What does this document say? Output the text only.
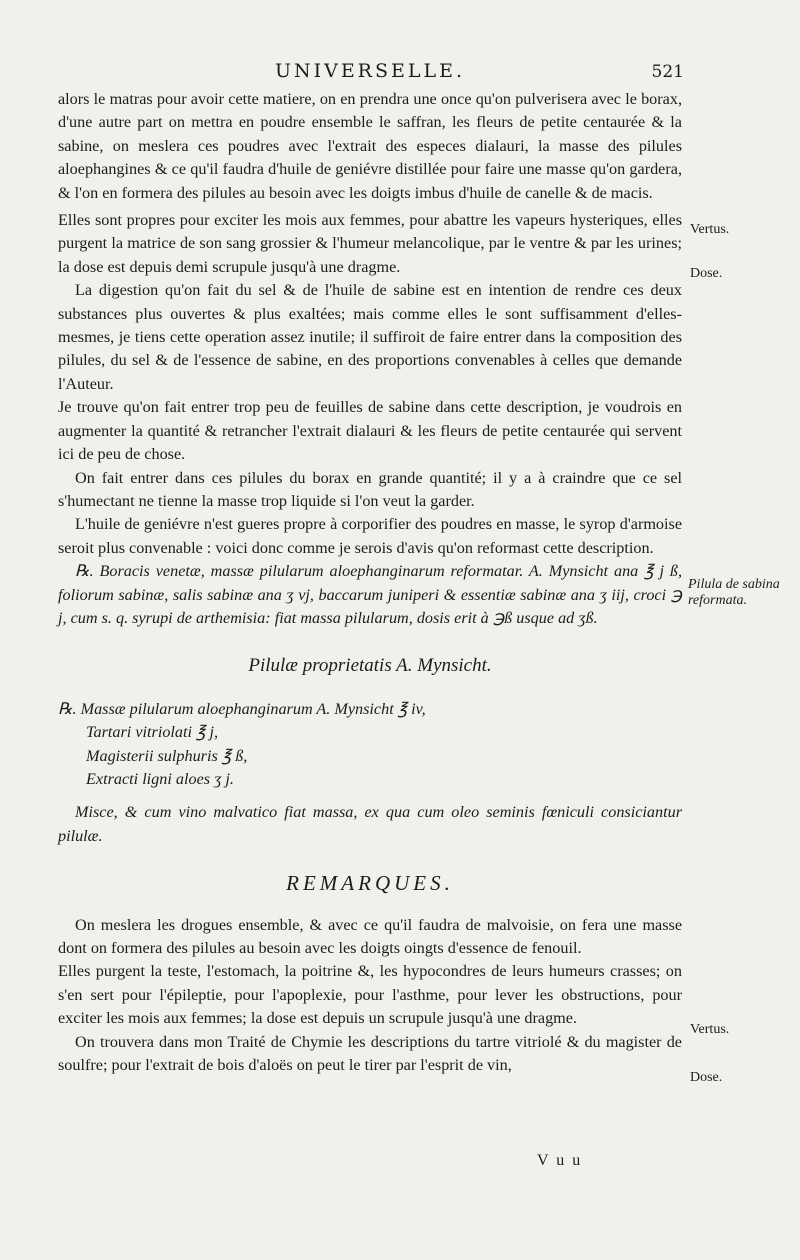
UNIVERSELLE.	521

alors le matras pour avoir cette matiere, on en prendra une once qu'on pulverisera avec le borax, d'une autre part on mettra en poudre ensemble le saffran, les fleurs de petite centaurée & la sabine, on meslera ces poudres avec l'extrait des especes dialauri, la masse des pilules aloephangines & ce qu'il faudra d'huile de geniévre distillée pour faire une masse qu'on gardera, & l'on en formera des pilules au besoin avec les doigts imbus d'huile de canelle & de macis.

Elles sont propres pour exciter les mois aux femmes, pour abattre les vapeurs hysteriques, elles purgent la matrice de son sang grossier & l'humeur melancolique, par le ventre & par les urines; la dose est depuis demi scrupule jusqu'à une dragme.

La digestion qu'on fait du sel & de l'huile de sabine est en intention de rendre ces deux substances plus ouvertes & plus exaltées; mais comme elles le sont suffisamment d'elles-mesmes, je tiens cette operation assez inutile; il suffiroit de faire entrer dans la composition des pilules, du sel & de l'essence de sabine, en des proportions convenables à celles que demande l'Auteur.

Je trouve qu'on fait entrer trop peu de feuilles de sabine dans cette description, je voudrois en augmenter la quantité & retrancher l'extrait dialauri & les fleurs de petite centaurée qui servent ici de peu de chose.

On fait entrer dans ces pilules du borax en grande quantité; il y a à craindre que ce sel s'humectant ne tienne la masse trop liquide si l'on veut la garder.

L'huile de geniévre n'est gueres propre à corporifier des poudres en masse, le syrop d'armoise seroit plus convenable : voici donc comme je serois d'avis qu'on reformast cette description.

℞. Boracis venetæ, massæ pilularum aloephanginarum reformatar. A. Mynsicht ana ℥ j ß, foliorum sabinæ, salis sabinæ ana ʒ vj, baccarum juniperi & essentiæ sabinæ ana ʒ iij, croci ℈ j, cum s. q. syrupi de arthemisia: fiat massa pilularum, dosis erit à ℈ß usque ad ʒß.

Pilulæ proprietatis A. Mynsicht.

℞. Massæ pilularum aloephanginarum A. Mynsicht ℥ iv,

Tartari vitriolati ℥ j,

Magisterii sulphuris ℥ ß,

Extracti ligni aloes ʒ j.

Misce, & cum vino malvatico fiat massa, ex qua cum oleo seminis fœniculi consiciantur pilulæ.

REMARQUES.

On meslera les drogues ensemble, & avec ce qu'il faudra de malvoisie, on fera une masse dont on formera des pilules au besoin avec les doigts oingts d'essence de fenouil.

Elles purgent la teste, l'estomach, la poitrine &, les hypocondres de leurs humeurs crasses; on s'en sert pour l'épileptie, pour l'apoplexie, pour l'asthme, pour lever les obstructions, pour exciter les mois aux femmes; la dose est depuis un scrupule jusqu'à une dragme.

On trouvera dans mon Traité de Chymie les descriptions du tartre vitriolé & du magister de soulfre; pour l'extrait de bois d'aloës on peut le tirer par l'esprit de vin,

Vertus.
Dose.
Pilula de sabina reformata.
Vertus.
Dose.
V u u
